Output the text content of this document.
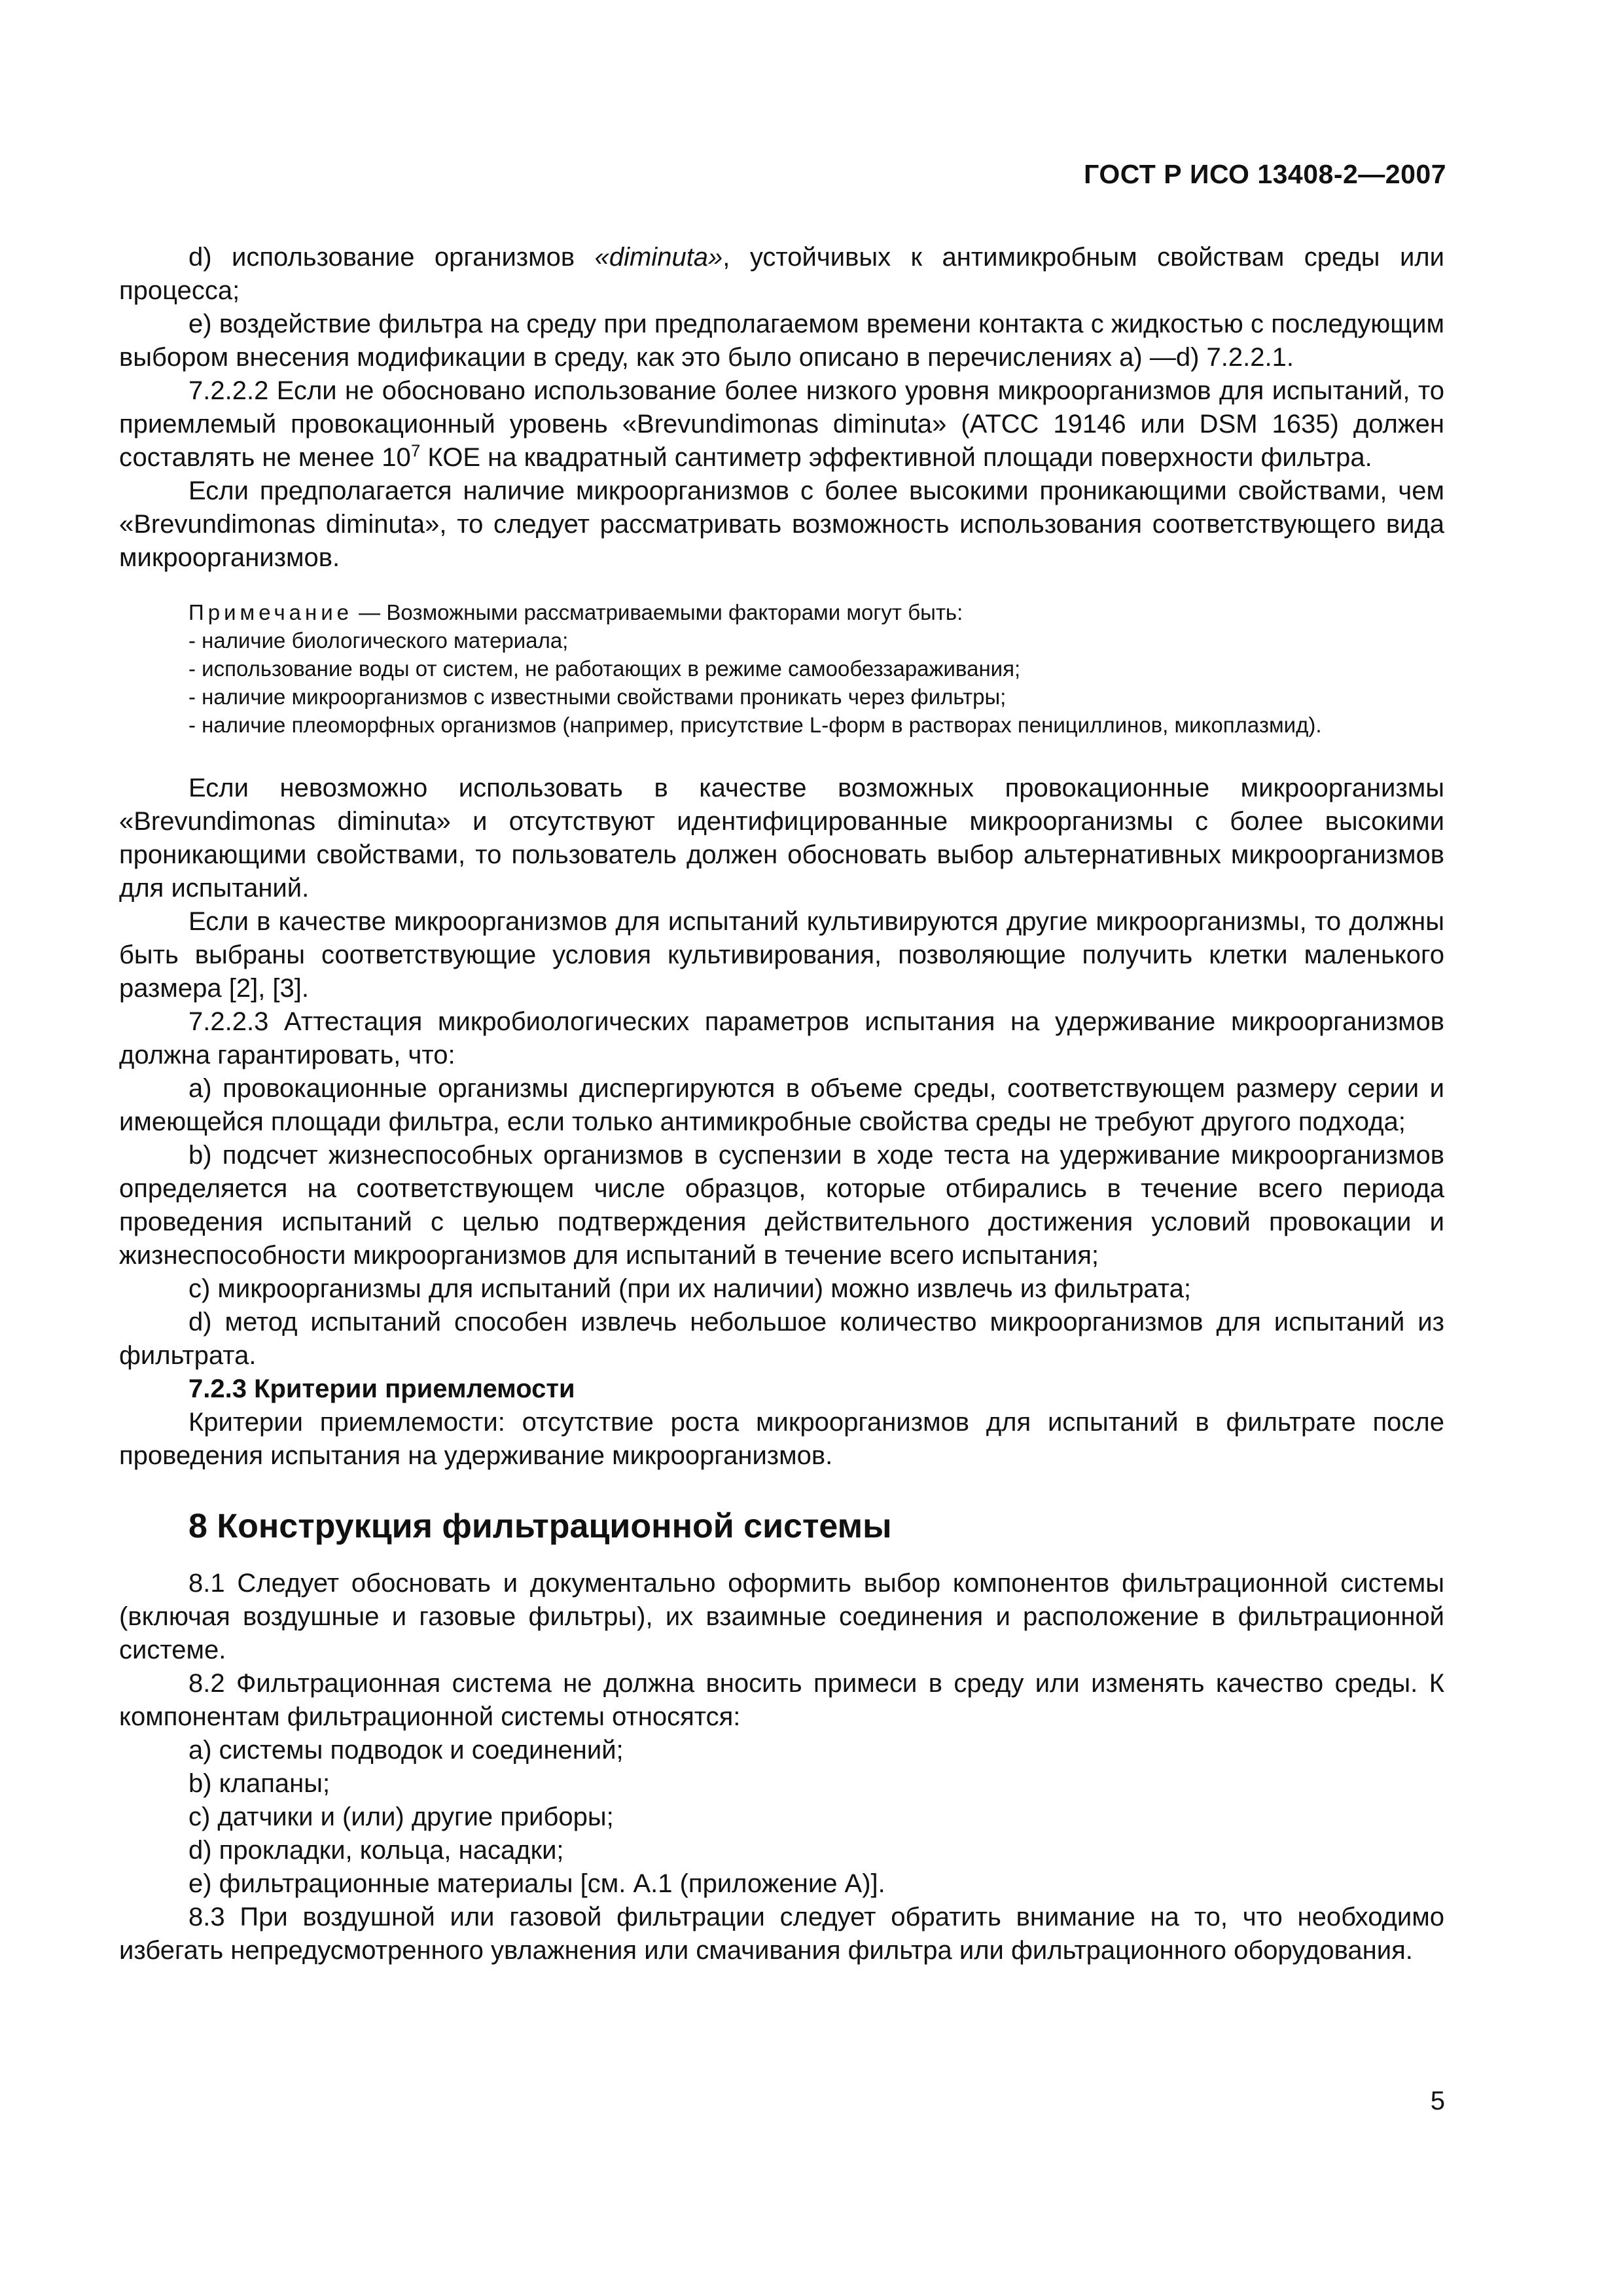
ГОСТ Р ИСО 13408-2—2007

d) использование организмов «diminuta», устойчивых к антимикробным свойствам среды или процесса;

e) воздействие фильтра на среду при предполагаемом времени контакта с жидкостью с последующим выбором внесения модификации в среду, как это было описано в перечислениях а) —d) 7.2.2.1.

7.2.2.2 Если не обосновано использование более низкого уровня микроорганизмов для испытаний, то приемлемый провокационный уровень «Brevundimonas diminuta» (АТСС 19146 или DSM 1635) должен составлять не менее $10^7$ КОЕ на квадратный сантиметр эффективной площади поверхности фильтра.

Если предполагается наличие микроорганизмов с более высокими проникающими свойствами, чем «Brevundimonas diminuta», то следует рассматривать возможность использования соответствующего вида микроорганизмов.

Примечание — Возможными рассматриваемыми факторами могут быть:
- наличие биологического материала;
- использование воды от систем, не работающих в режиме самообеззараживания;
- наличие микроорганизмов с известными свойствами проникать через фильтры;
- наличие плеоморфных организмов (например, присутствие L-форм в растворах пенициллинов, микоплазмид).

Если невозможно использовать в качестве возможных провокационные микроорганизмы «Brevundimonas diminuta» и отсутствуют идентифицированные микроорганизмы с более высокими проникающими свойствами, то пользователь должен обосновать выбор альтернативных микроорганизмов для испытаний.

Если в качестве микроорганизмов для испытаний культивируются другие микроорганизмы, то должны быть выбраны соответствующие условия культивирования, позволяющие получить клетки маленького размера [2], [3].

7.2.2.3 Аттестация микробиологических параметров испытания на удерживание микроорганизмов должна гарантировать, что:

a) провокационные организмы диспергируются в объеме среды, соответствующем размеру серии и имеющейся площади фильтра, если только антимикробные свойства среды не требуют другого подхода;

b) подсчет жизнеспособных организмов в суспензии в ходе теста на удерживание микроорганизмов определяется на соответствующем числе образцов, которые отбирались в течение всего периода проведения испытаний с целью подтверждения действительного достижения условий провокации и жизнеспособности микроорганизмов для испытаний в течение всего испытания;

c) микроорганизмы для испытаний (при их наличии) можно извлечь из фильтрата;

d) метод испытаний способен извлечь небольшое количество микроорганизмов для испытаний из фильтрата.

7.2.3 Критерии приемлемости

Критерии приемлемости: отсутствие роста микроорганизмов для испытаний в фильтрате после проведения испытания на удерживание микроорганизмов.

8 Конструкция фильтрационной системы

8.1 Следует обосновать и документально оформить выбор компонентов фильтрационной системы (включая воздушные и газовые фильтры), их взаимные соединения и расположение в фильтрационной системе.

8.2 Фильтрационная система не должна вносить примеси в среду или изменять качество среды. К компонентам фильтрационной системы относятся:

a) системы подводок и соединений;

b) клапаны;

c) датчики и (или) другие приборы;

d) прокладки, кольца, насадки;

e) фильтрационные материалы [см. А.1 (приложение А)].

8.3 При воздушной или газовой фильтрации следует обратить внимание на то, что необходимо избегать непредусмотренного увлажнения или смачивания фильтра или фильтрационного оборудования.

5
